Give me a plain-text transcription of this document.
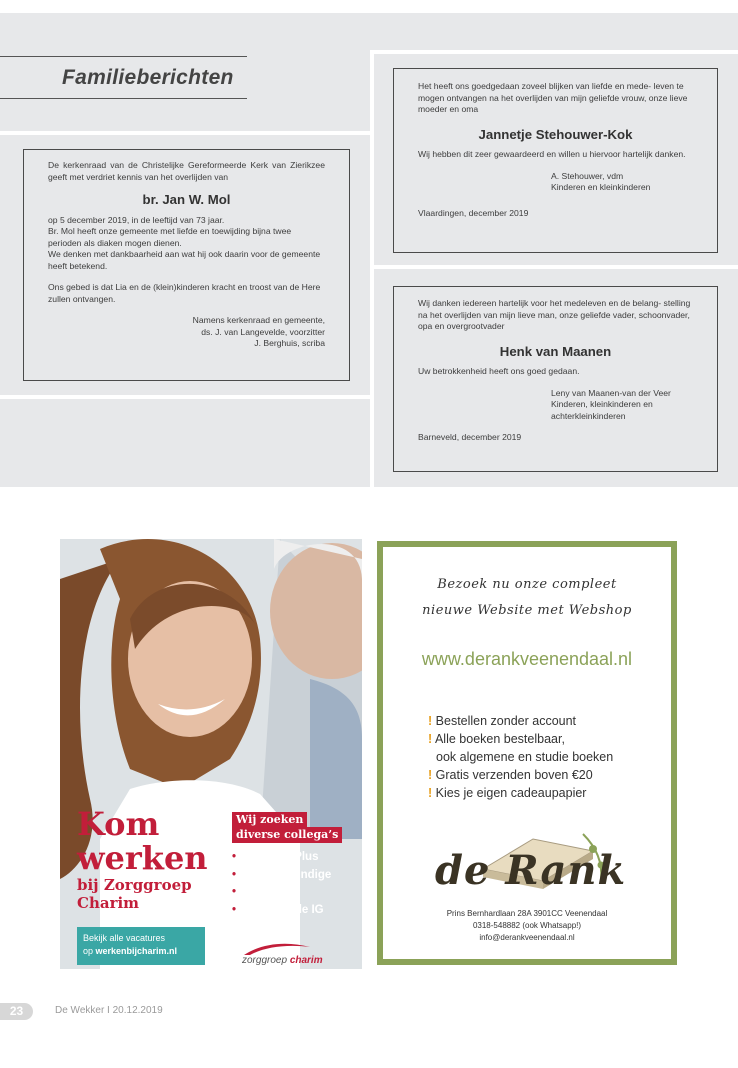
Familieberichten

De kerkenraad van de Christelijke Gereformeerde Kerk van Zierikzee geeft met verdriet kennis van het overlijden van

br. Jan W. Mol

op 5 december 2019, in de leeftijd van 73 jaar.

Br. Mol heeft onze gemeente met liefde en toewijding bijna twee perioden als diaken mogen dienen.

We denken met dankbaarheid aan wat hij ook daarin voor de gemeente heeft betekend.

Ons gebed is dat Lia en de (klein)kinderen kracht en troost van de Here zullen ontvangen.

Namens kerkenraad en gemeente,

ds. J. van Langevelde, voorzitter

J. Berghuis, scriba

Het heeft ons goedgedaan zoveel blijken van liefde en mede- leven te mogen ontvangen na het overlijden van mijn geliefde vrouw, onze lieve moeder en oma

Jannetje Stehouwer-Kok

Wij hebben dit zeer gewaardeerd en willen u hiervoor hartelijk danken.

A. Stehouwer, vdm

Kinderen en kleinkinderen

Vlaardingen, december 2019

Wij danken iedereen hartelijk voor het medeleven en de belang- stelling na het overlijden van mijn lieve man, onze geliefde vader, schoonvader, opa en overgrootvader

Henk van Maanen

Uw betrokkenheid heeft ons goed gedaan.

Leny van Maanen-van der Veer

Kinderen, kleinkinderen en

achterkleinkinderen

Barneveld, december 2019

Kom
werken
bij Zorggroep
Charim
Wij zoeken
diverse collega’s
• Helpende Plus
• Verpleegkundige
• Helpende
• Verzorgende IG
Bekijk alle vacatures
op werkenbijcharim.nl
zorggroep charim
Bezoek nu onze compleet
nieuwe Website met Webshop
www.derankveenendaal.nl
! Bestellen zonder account
! Alle boeken bestelbaar,
ook algemene en studie boeken
! Gratis verzenden boven €20
! Kies je eigen cadeaupapier
de Rank
Prins Bernhardlaan 28A 3901CC Veenendaal
0318-548882 (ook Whatsapp!)
info@derankveenendaal.nl
23	De Wekker I 20.12.2019
